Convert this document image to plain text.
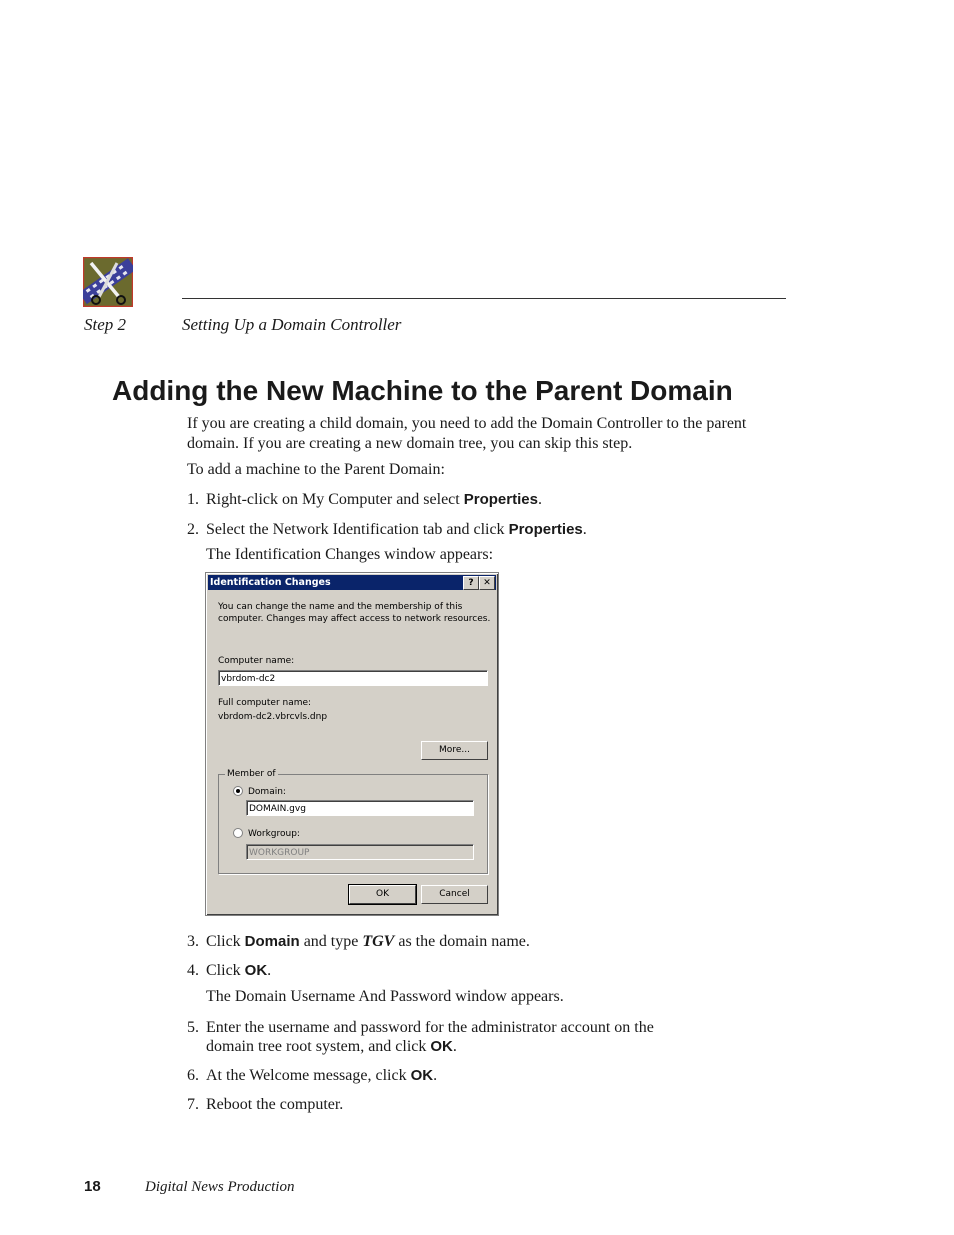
Step 2	Setting Up a Domain Controller
Adding the New Machine to the Parent Domain
If you are creating a child domain, you need to add the Domain Controller to the parent domain. If you are creating a new domain tree, you can skip this step.
To add a machine to the Parent Domain:
1. Right-click on My Computer and select Properties.
2. Select the Network Identification tab and click Properties.
The Identification Changes window appears:
Identification Changes	?	✕
You can change the name and the membership of this
computer. Changes may affect access to network resources.
Computer name:
vbrdom-dc2
Full computer name:
vbrdom-dc2.vbrcvls.dnp
More...
Member of
Domain:
DOMAIN.gvg
Workgroup:
WORKGROUP
OK	Cancel
3. Click Domain and type TGV as the domain name.
4. Click OK.
The Domain Username And Password window appears.
5. Enter the username and password for the administrator account on the
domain tree root system, and click OK.
6. At the Welcome message, click OK.
7. Reboot the computer.
18	Digital News Production
